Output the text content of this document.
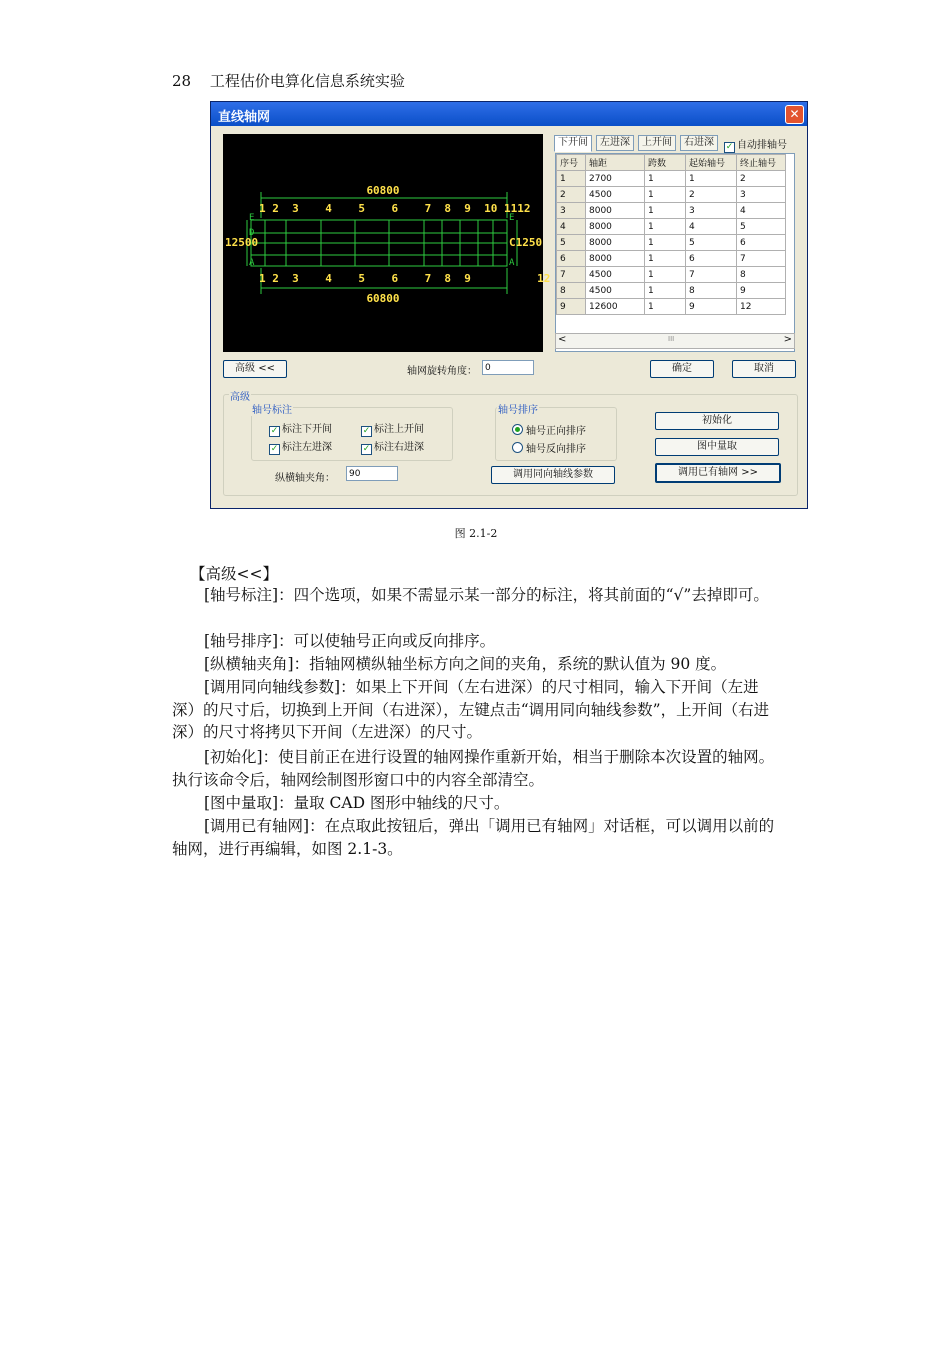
28 工程估价电算化信息系统实验
直线轴网	✕
60800
1 2  3    4    5    6    7  8  9  10 1112
1 2  3    4    5    6    7  8  9          12
60800
12500	C1250
E
D
A
E
A
下开间	左进深	上开间	右进深	✓ 自动排轴号
序号	轴距	跨数	起始轴号	终止轴号
1	2700	1	1	2
2	4500	1	2	3
3	8000	1	3	4
4	8000	1	4	5
5	8000	1	5	6
6	8000	1	6	7
7	4500	1	7	8
8	4500	1	8	9
9	12600	1	9	12
<	III	>
高级 <<	轴网旋转角度： 0	确定	取消
高级
轴号标注
✓ 标注下开间	✓ 标注上开间
✓ 标注左进深	✓ 标注右进深
纵横轴夹角：	90
轴号排序
轴号正向排序
轴号反向排序
调用同向轴线参数
初始化
图中量取
调用已有轴网 >>
图 2.1-2
【高级<<】
[轴号标注]：四个选项，如果不需显示某一部分的标注，将其前面的“√”去掉即可。
[轴号排序]：可以使轴号正向或反向排序。
[纵横轴夹角]：指轴网横纵轴坐标方向之间的夹角，系统的默认值为 90 度。
[调用同向轴线参数]：如果上下开间（左右进深）的尺寸相同，输入下开间（左进深）的尺寸后，切换到上开间（右进深），左键点击“调用同向轴线参数”，上开间（右进深）的尺寸将拷贝下开间（左进深）的尺寸。
[初始化]：使目前正在进行设置的轴网操作重新开始，相当于删除本次设置的轴网。执行该命令后，轴网绘制图形窗口中的内容全部清空。
[图中量取]：量取 CAD 图形中轴线的尺寸。
[调用已有轴网]：在点取此按钮后，弹出「调用已有轴网」对话框，可以调用以前的轴网，进行再编辑，如图 2.1-3。
